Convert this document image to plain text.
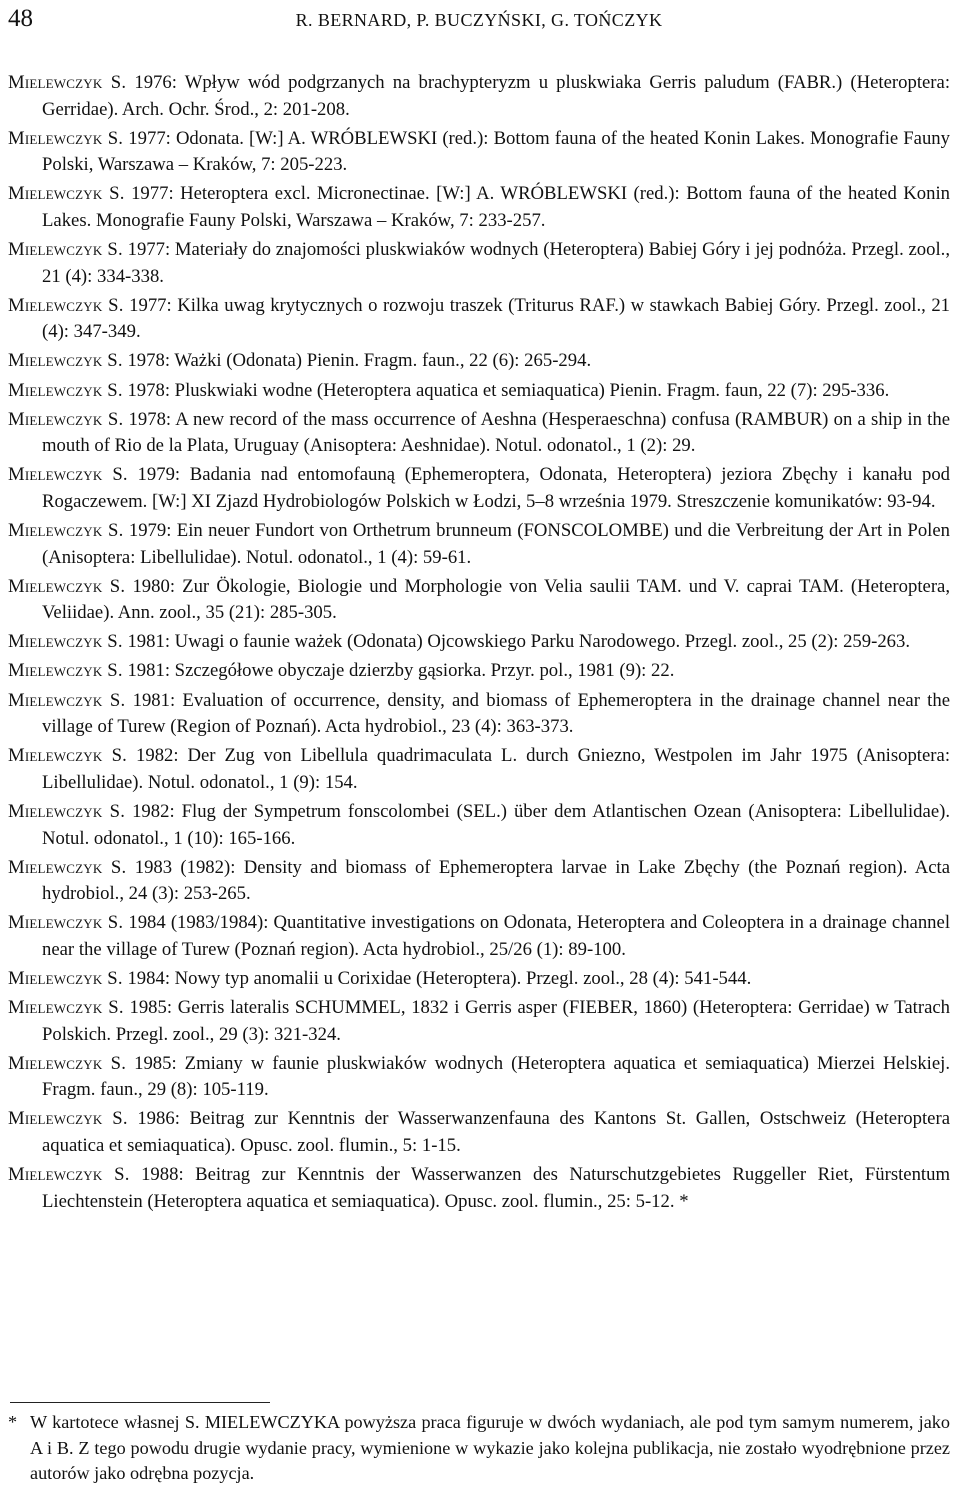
48	R. BERNARD, P. BUCZYŃSKI, G. TOŃCZYK

Mielewczyk S. 1976: Wpływ wód podgrzanych na brachypteryzm u pluskwiaka Gerris paludum (FABR.) (Heteroptera: Gerridae). Arch. Ochr. Środ., 2: 201-208.

Mielewczyk S. 1977: Odonata. [W:] A. WRÓBLEWSKI (red.): Bottom fauna of the heated Konin Lakes. Monografie Fauny Polski, Warszawa – Kraków, 7: 205-223.

Mielewczyk S. 1977: Heteroptera excl. Micronectinae. [W:] A. WRÓBLEWSKI (red.): Bottom fauna of the heated Konin Lakes. Monografie Fauny Polski, Warszawa – Kraków, 7: 233-257.

Mielewczyk S. 1977: Materiały do znajomości pluskwiaków wodnych (Heteroptera) Babiej Góry i jej podnóża. Przegl. zool., 21 (4): 334-338.

Mielewczyk S. 1977: Kilka uwag krytycznych o rozwoju traszek (Triturus RAF.) w stawkach Babiej Góry. Przegl. zool., 21 (4): 347-349.

Mielewczyk S. 1978: Ważki (Odonata) Pienin. Fragm. faun., 22 (6): 265-294.

Mielewczyk S. 1978: Pluskwiaki wodne (Heteroptera aquatica et semiaquatica) Pienin. Fragm. faun, 22 (7): 295-336.

Mielewczyk S. 1978: A new record of the mass occurrence of Aeshna (Hesperaeschna) confusa (RAMBUR) on a ship in the mouth of Rio de la Plata, Uruguay (Anisoptera: Aeshnidae). Notul. odonatol., 1 (2): 29.

Mielewczyk S. 1979: Badania nad entomofauną (Ephemeroptera, Odonata, Heteroptera) jeziora Zbęchy i kanału pod Rogaczewem. [W:] XI Zjazd Hydrobiologów Polskich w Łodzi, 5–8 września 1979. Streszczenie komunikatów: 93-94.

Mielewczyk S. 1979: Ein neuer Fundort von Orthetrum brunneum (FONSCOLOMBE) und die Verbreitung der Art in Polen (Anisoptera: Libellulidae). Notul. odonatol., 1 (4): 59-61.

Mielewczyk S. 1980: Zur Ökologie, Biologie und Morphologie von Velia saulii TAM. und V. caprai TAM. (Heteroptera, Veliidae). Ann. zool., 35 (21): 285-305.

Mielewczyk S. 1981: Uwagi o faunie ważek (Odonata) Ojcowskiego Parku Narodowego. Przegl. zool., 25 (2): 259-263.

Mielewczyk S. 1981: Szczegółowe obyczaje dzierzby gąsiorka. Przyr. pol., 1981 (9): 22.

Mielewczyk S. 1981: Evaluation of occurrence, density, and biomass of Ephemeroptera in the drainage channel near the village of Turew (Region of Poznań). Acta hydrobiol., 23 (4): 363-373.

Mielewczyk S. 1982: Der Zug von Libellula quadrimaculata L. durch Gniezno, Westpolen im Jahr 1975 (Anisoptera: Libellulidae). Notul. odonatol., 1 (9): 154.

Mielewczyk S. 1982: Flug der Sympetrum fonscolombei (SEL.) über dem Atlantischen Ozean (Anisoptera: Libellulidae). Notul. odonatol., 1 (10): 165-166.

Mielewczyk S. 1983 (1982): Density and biomass of Ephemeroptera larvae in Lake Zbęchy (the Poznań region). Acta hydrobiol., 24 (3): 253-265.

Mielewczyk S. 1984 (1983/1984): Quantitative investigations on Odonata, Heteroptera and Coleoptera in a drainage channel near the village of Turew (Poznań region). Acta hydrobiol., 25/26 (1): 89-100.

Mielewczyk S. 1984: Nowy typ anomalii u Corixidae (Heteroptera). Przegl. zool., 28 (4): 541-544.

Mielewczyk S. 1985: Gerris lateralis SCHUMMEL, 1832 i Gerris asper (FIEBER, 1860) (Heteroptera: Gerridae) w Tatrach Polskich. Przegl. zool., 29 (3): 321-324.

Mielewczyk S. 1985: Zmiany w faunie pluskwiaków wodnych (Heteroptera aquatica et semiaquatica) Mierzei Helskiej. Fragm. faun., 29 (8): 105-119.

Mielewczyk S. 1986: Beitrag zur Kenntnis der Wasserwanzenfauna des Kantons St. Gallen, Ostschweiz (Heteroptera aquatica et semiaquatica). Opusc. zool. flumin., 5: 1-15.

Mielewczyk S. 1988: Beitrag zur Kenntnis der Wasserwanzen des Naturschutzgebietes Ruggeller Riet, Fürstentum Liechtenstein (Heteroptera aquatica et semiaquatica). Opusc. zool. flumin., 25: 5-12. *

* W kartotece własnej S. MIELEWCZYKA powyższa praca figuruje w dwóch wydaniach, ale pod tym samym numerem, jako A i B. Z tego powodu drugie wydanie pracy, wymienione w wykazie jako kolejna publikacja, nie zostało wyodrębnione przez autorów jako odrębna pozycja.
